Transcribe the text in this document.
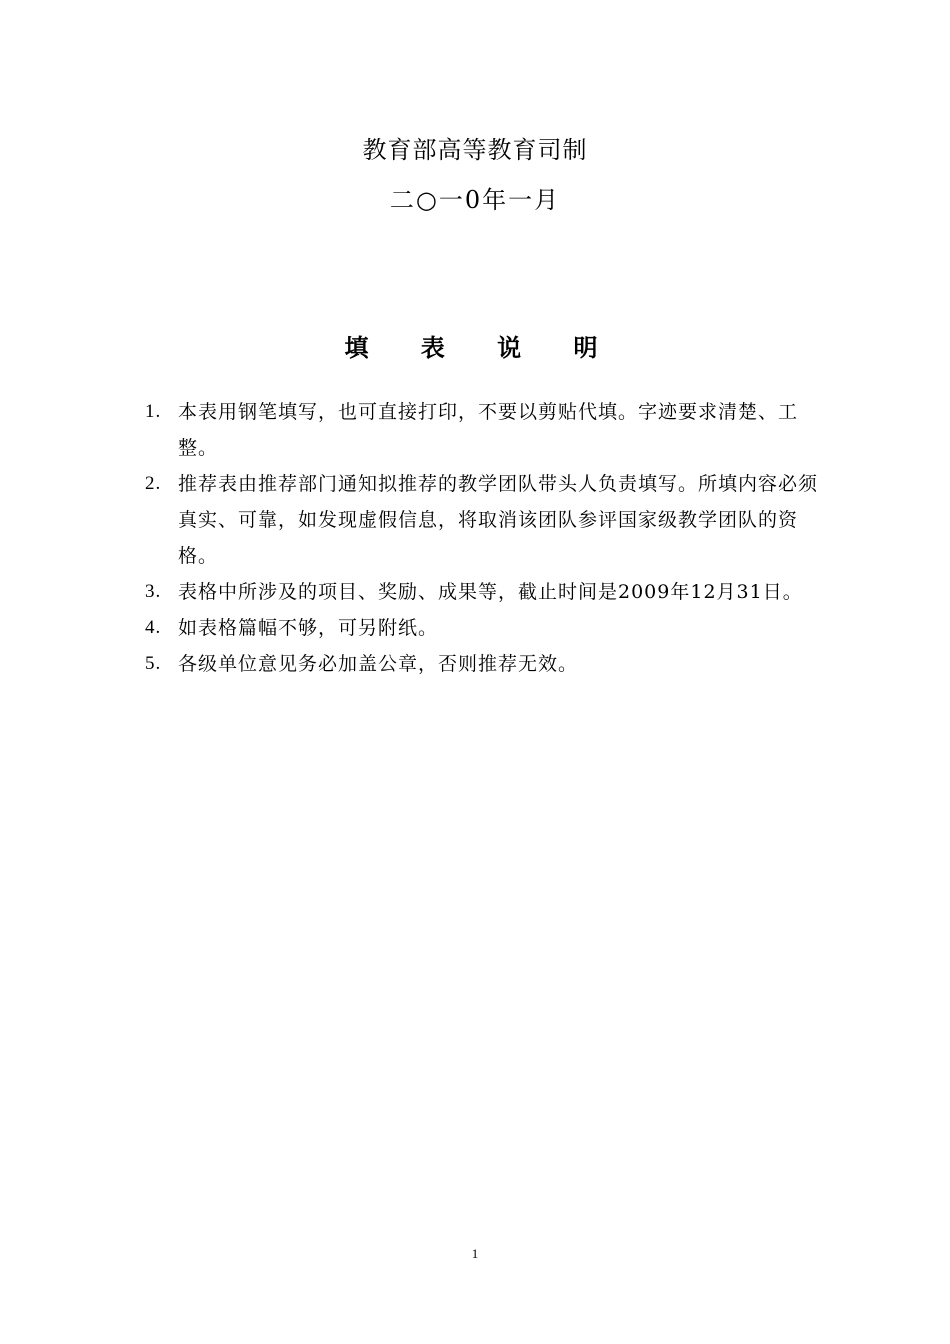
教育部高等教育司制
二○一0年一月
填 表 说 明
1. 本表用钢笔填写，也可直接打印，不要以剪贴代填。字迹要求清楚、工整。
2. 推荐表由推荐部门通知拟推荐的教学团队带头人负责填写。所填内容必须真实、可靠，如发现虚假信息，将取消该团队参评国家级教学团队的资格。
3. 表格中所涉及的项目、奖励、成果等，截止时间是2009年12月31日。
4. 如表格篇幅不够，可另附纸。
5. 各级单位意见务必加盖公章，否则推荐无效。
1
